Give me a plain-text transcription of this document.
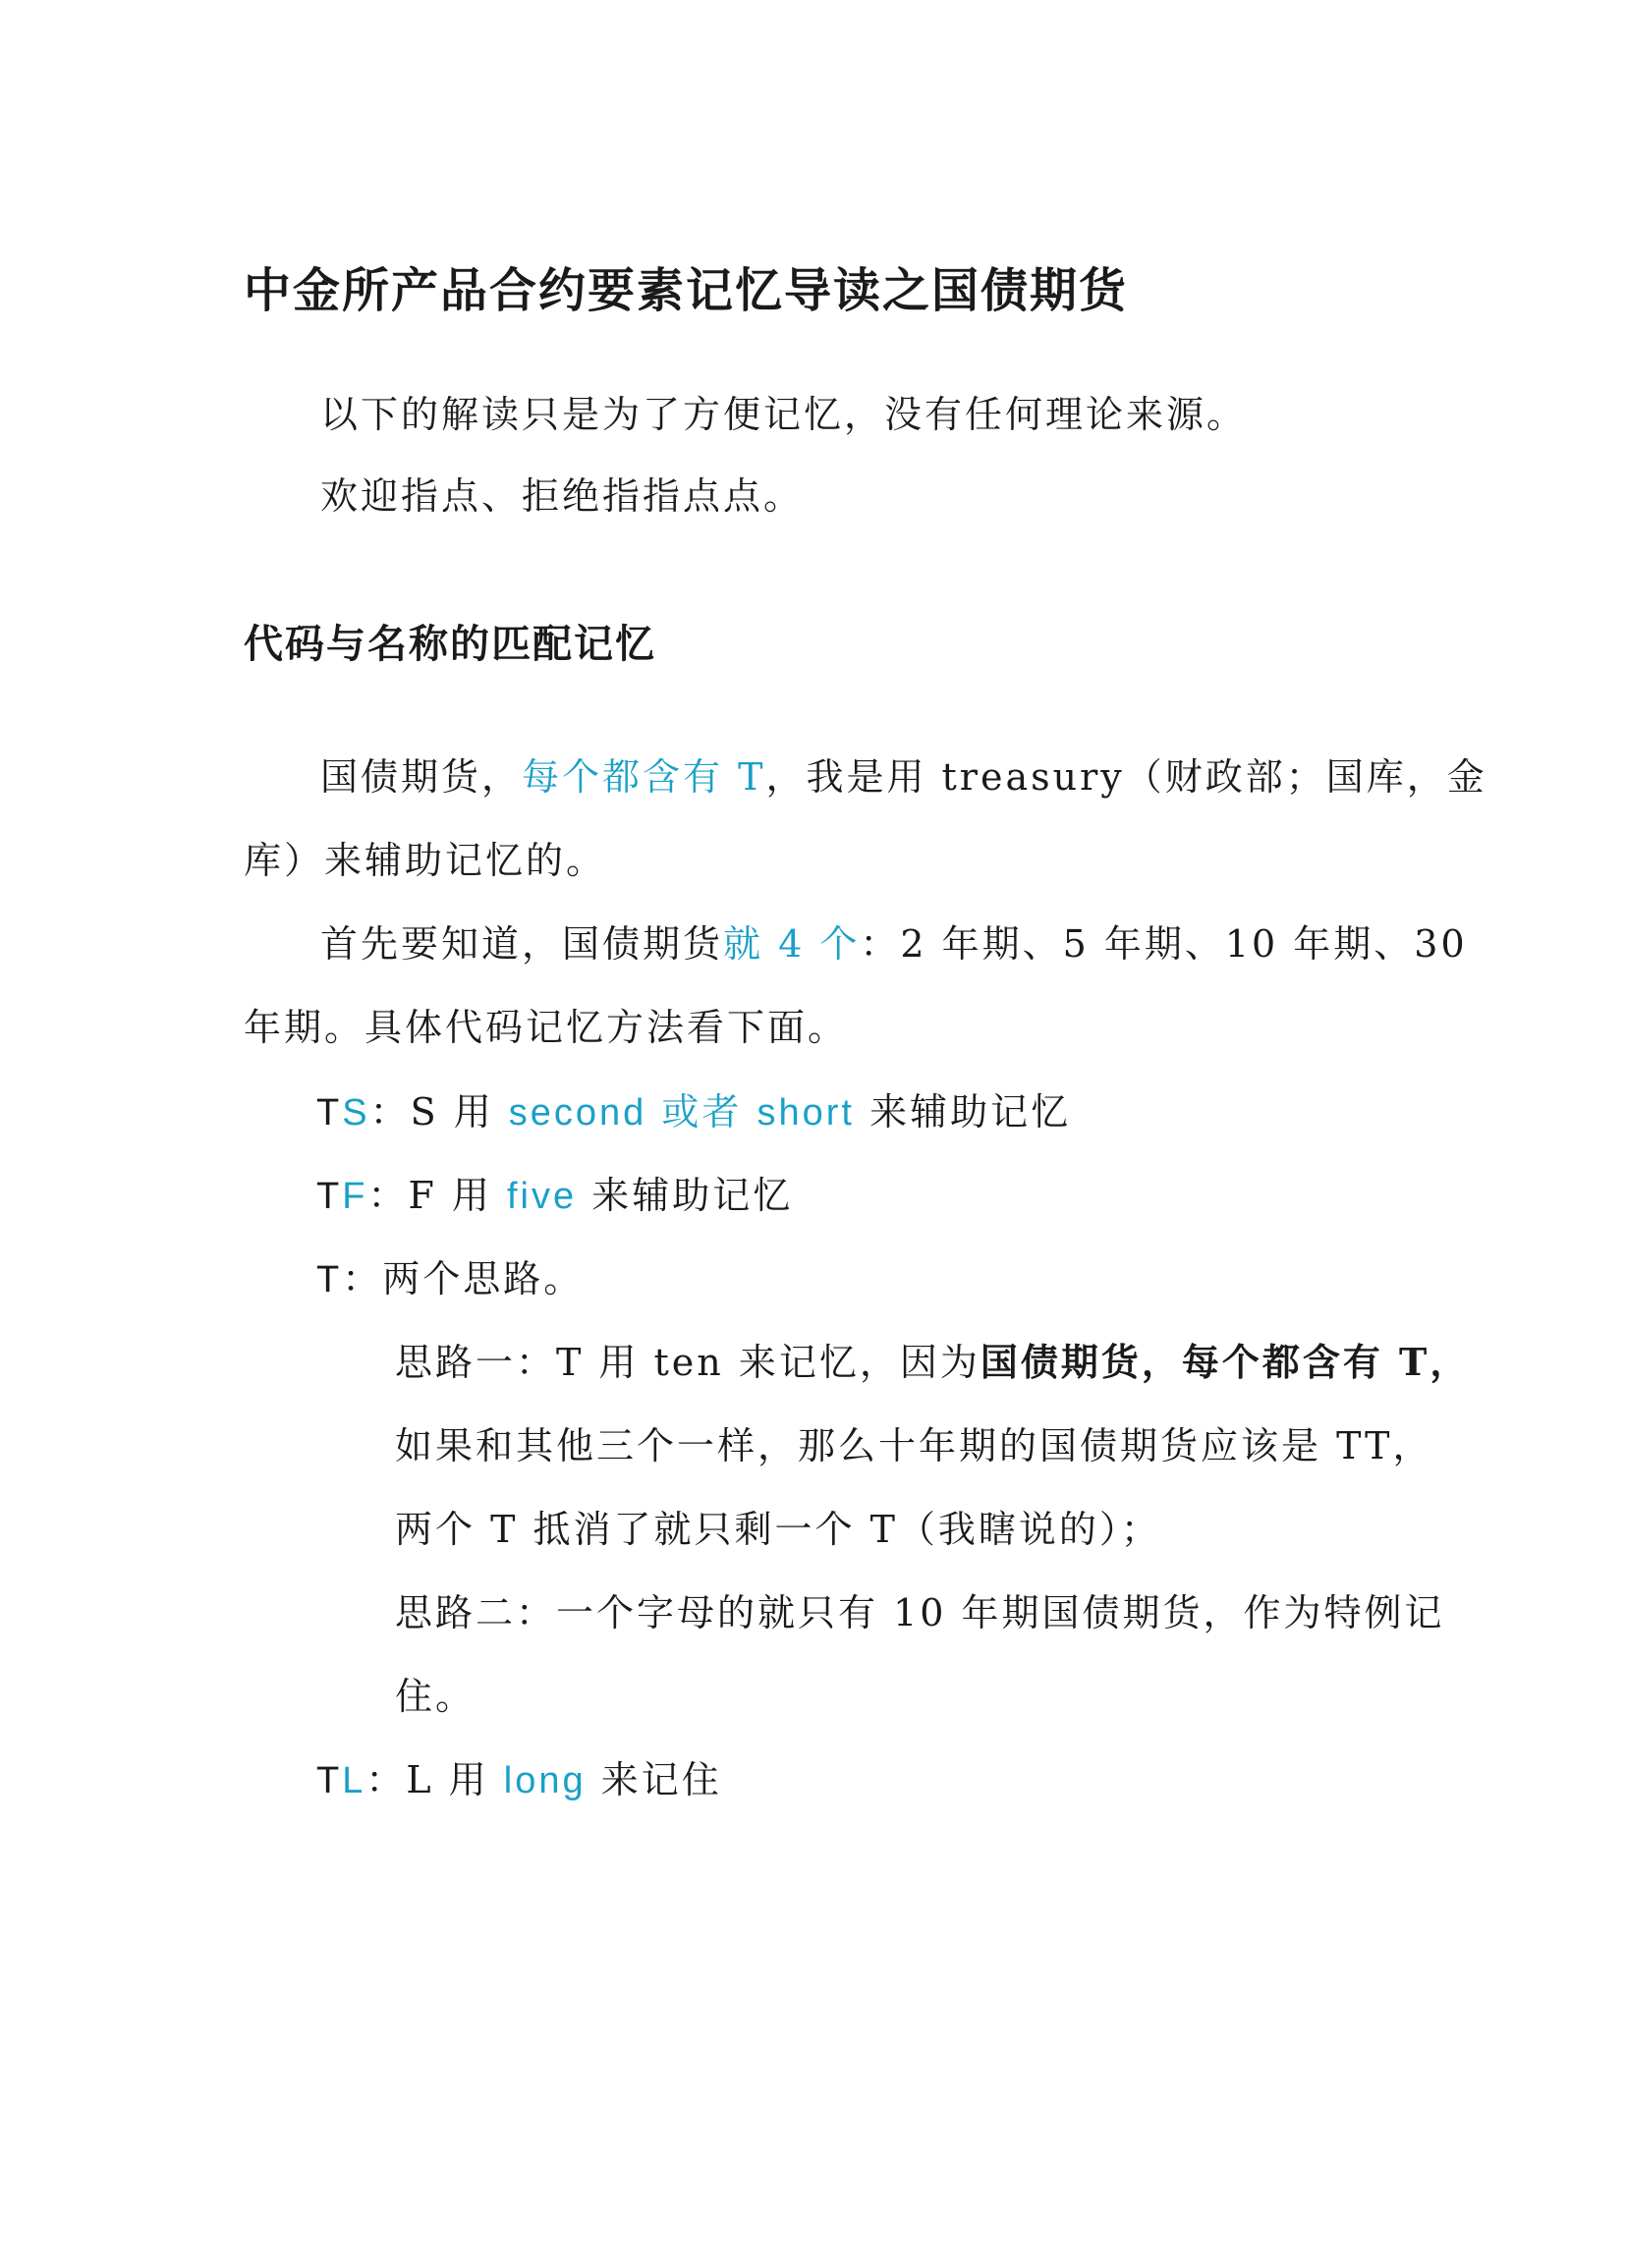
中金所产品合约要素记忆导读之国债期货
以下的解读只是为了方便记忆，没有任何理论来源。
欢迎指点、拒绝指指点点。
代码与名称的匹配记忆
国债期货，每个都含有 T，我是用 treasury（财政部；国库，金
库）来辅助记忆的。
首先要知道，国债期货就 4 个：2 年期、5 年期、10 年期、30
年期。具体代码记忆方法看下面。
TS：S 用 second 或者 short 来辅助记忆
TF：F 用 five 来辅助记忆
T：两个思路。
思路一：T 用 ten 来记忆，因为国债期货，每个都含有 T，
如果和其他三个一样，那么十年期的国债期货应该是 TT，
两个 T 抵消了就只剩一个 T（我瞎说的）；
思路二：一个字母的就只有 10 年期国债期货，作为特例记
住。
TL：L 用 long 来记住
